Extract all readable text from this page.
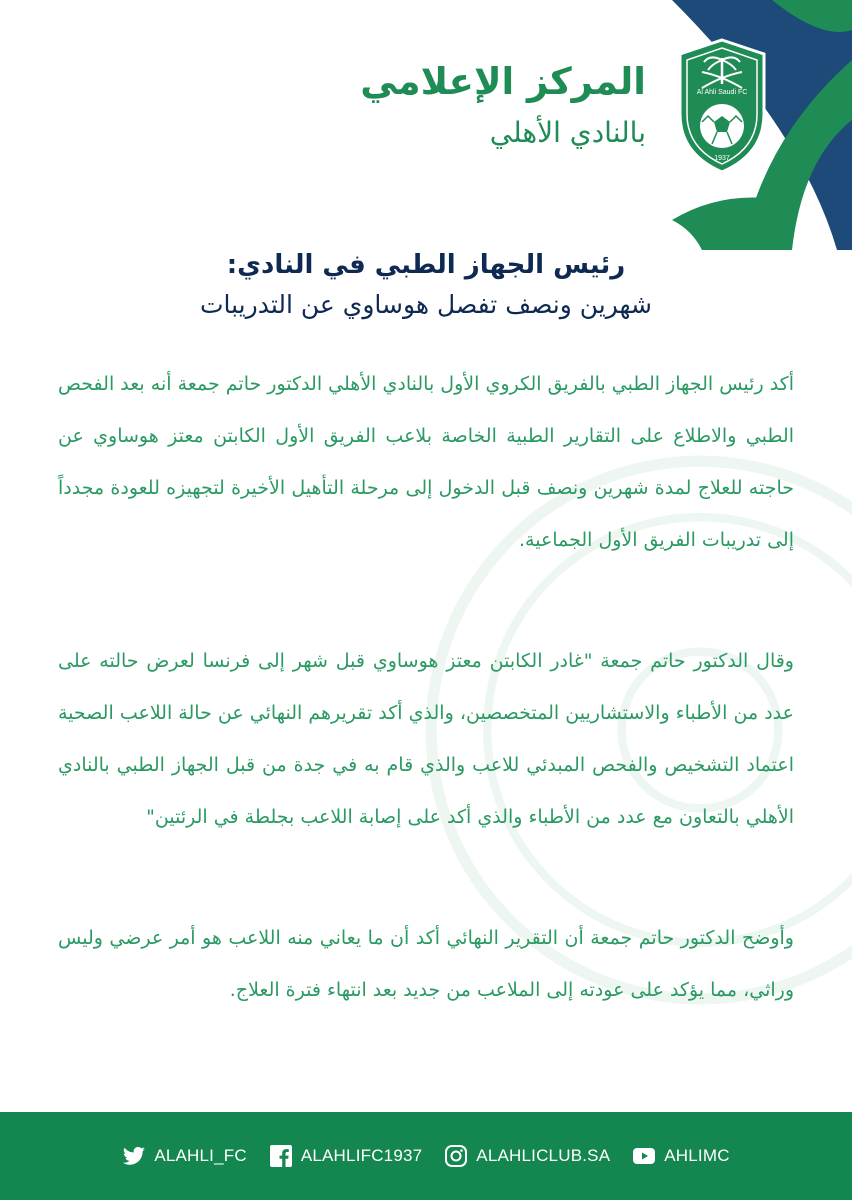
المركز الإعلامي

بالنادي الأهلي

Al Ahli Saudi FC
1937
رئيس الجهاز الطبي في النادي:

شهرين ونصف تفصل هوساوي عن التدريبات

أكد رئيس الجهاز الطبي بالفريق الكروي الأول بالنادي الأهلي الدكتور حاتم جمعة أنه بعد الفحص الطبي والاطلاع على التقارير الطبية الخاصة بلاعب الفريق الأول الكابتن معتز هوساوي عن حاجته للعلاج لمدة شهرين ونصف قبل الدخول إلى مرحلة التأهيل الأخيرة لتجهيزه للعودة مجدداً إلى تدريبات الفريق الأول الجماعية.

وقال الدكتور حاتم جمعة "غادر الكابتن معتز هوساوي قبل شهر إلى فرنسا لعرض حالته على عدد من الأطباء والاستشاريين المتخصصين، والذي أكد تقريرهم النهائي عن حالة اللاعب الصحية اعتماد التشخيص والفحص المبدئي للاعب والذي قام به في جدة من قبل الجهاز الطبي بالنادي الأهلي بالتعاون مع عدد من الأطباء والذي أكد على إصابة اللاعب بجلطة في الرئتين"

وأوضح الدكتور حاتم جمعة أن التقرير النهائي أكد أن ما يعاني منه اللاعب هو أمر عرضي وليس وراثي، مما يؤكد على عودته إلى الملاعب من جديد بعد انتهاء فترة العلاج.

ALAHLI_FC	ALAHLIFC1937	ALAHLICLUB.SA	AHLIMC
